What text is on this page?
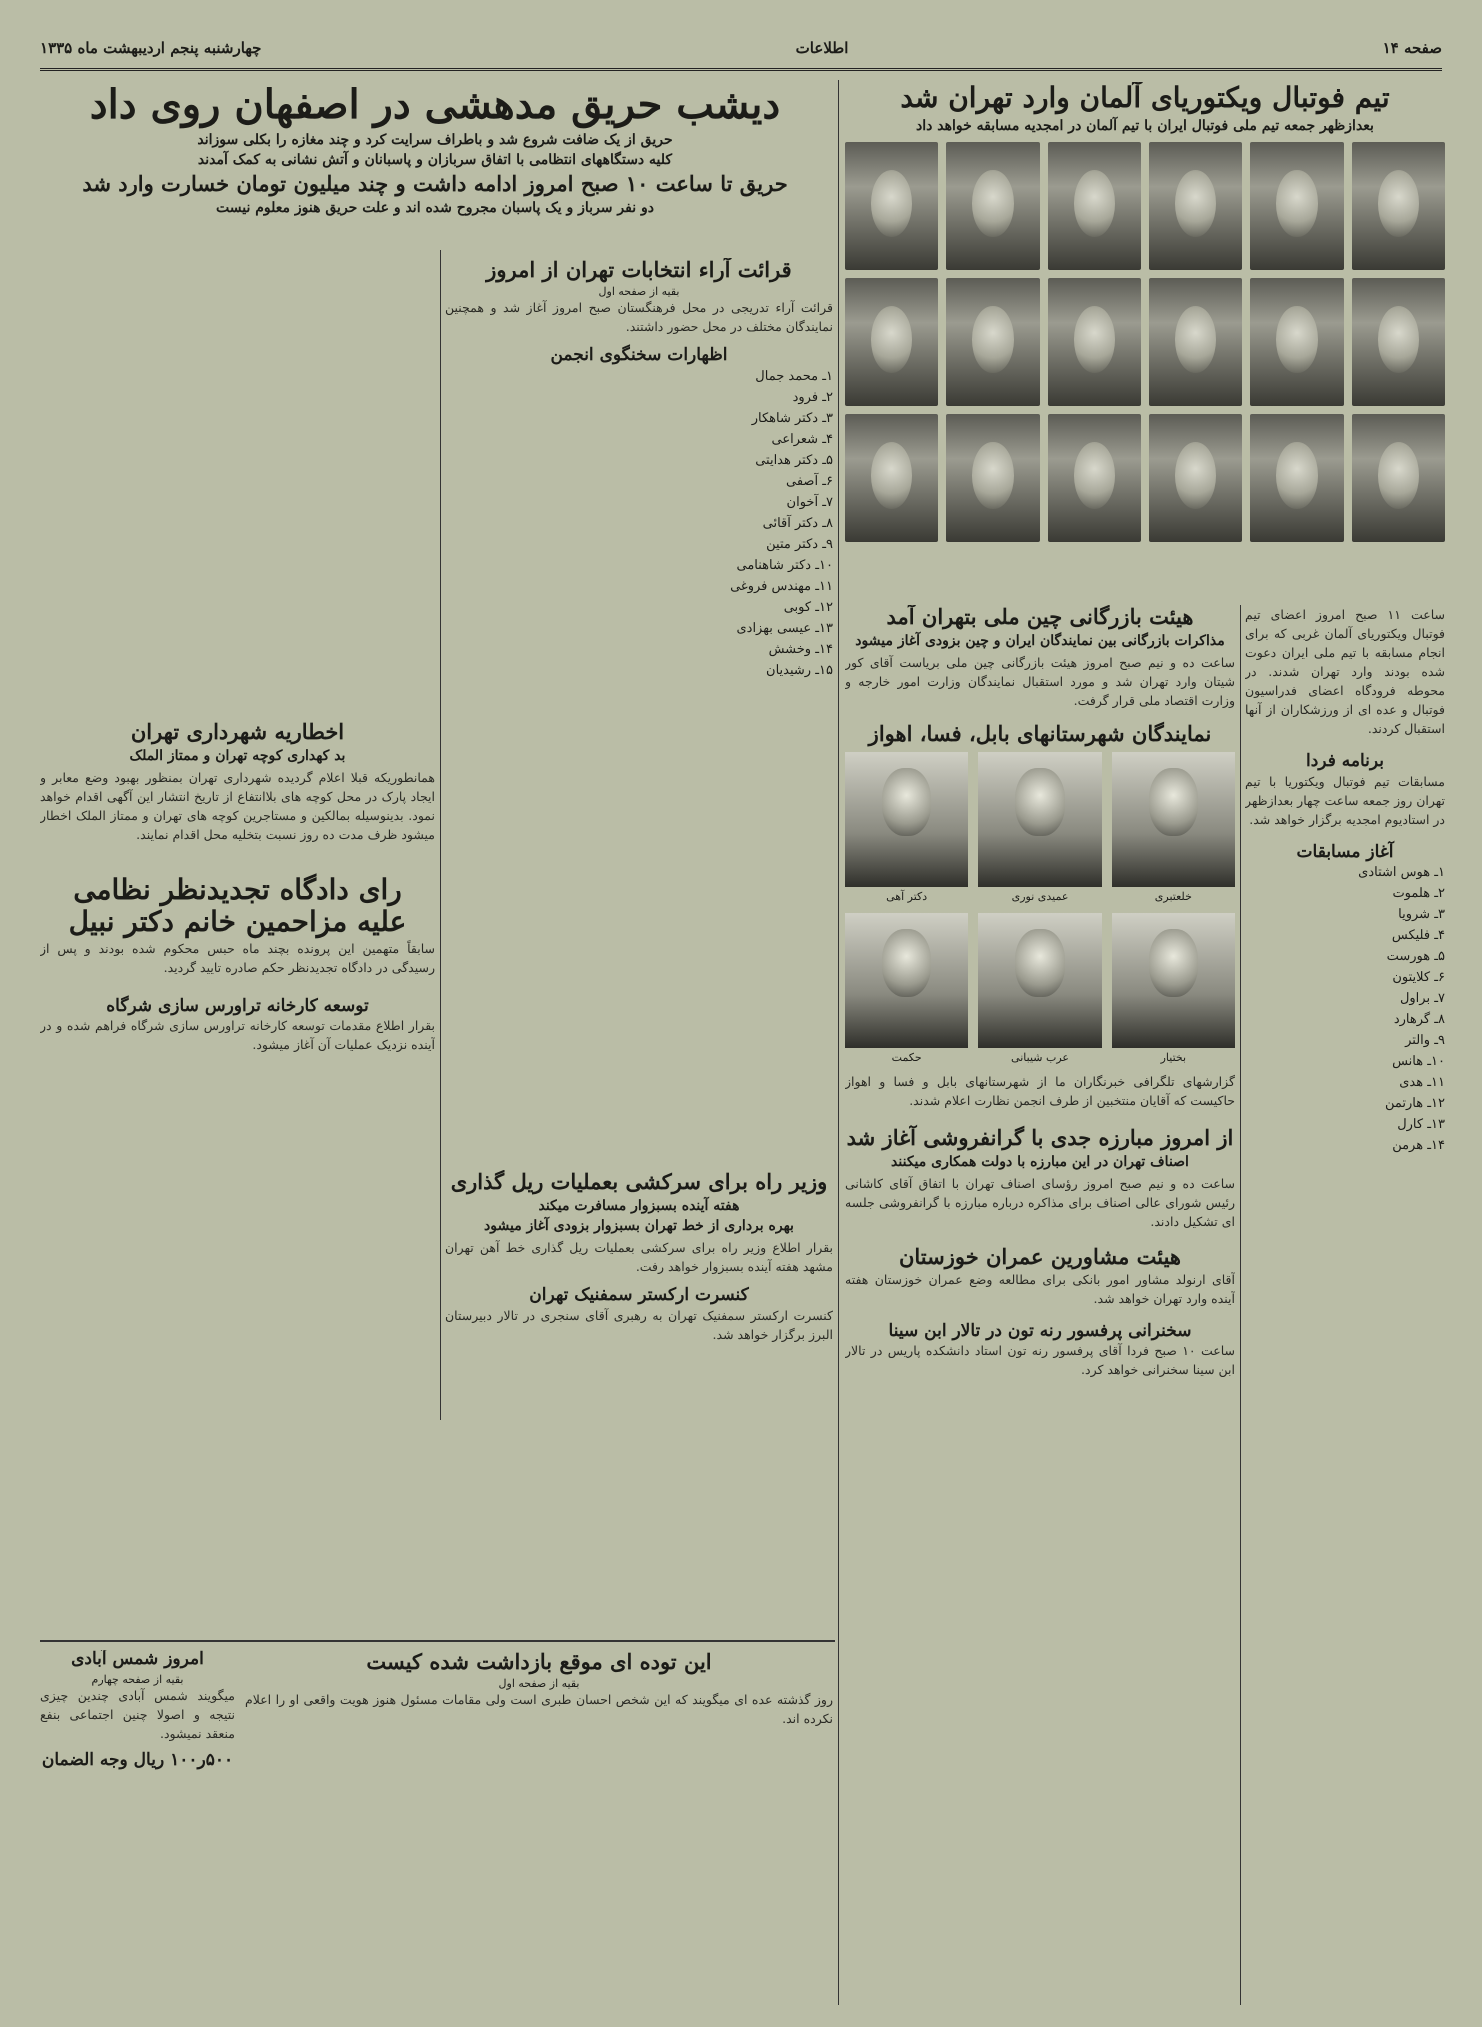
صفحه ۱۴
اطلاعات
چهارشنبه پنجم اردیبهشت ماه ۱۳۳۵
تیم فوتبال ویکتوریای آلمان وارد تهران شد
بعدازظهر جمعه تیم ملی فوتبال ایران با تیم آلمان در امجدیه مسابقه خواهد داد
ساعت ۱۱ صبح امروز اعضای تیم فوتبال ویکتوریای آلمان غربی که برای انجام مسابقه با تیم ملی ایران دعوت شده بودند وارد تهران شدند. در محوطه فرودگاه اعضای فدراسیون فوتبال و عده ای از ورزشکاران از آنها استقبال کردند.
برنامه فردا
مسابقات تیم فوتبال ویکتوریا با تیم تهران روز جمعه ساعت چهار بعدازظهر در استادیوم امجدیه برگزار خواهد شد.
آغاز مسابقات
۱ـ هوس اشتادی
۲ـ هلموت
۳ـ شرویا
۴ـ فلیکس
۵ـ هورست
۶ـ کلایتون
۷ـ براول
۸ـ گرهارد
۹ـ والتر
۱۰ـ هانس
۱۱ـ هدی
۱۲ـ هارتمن
۱۳ـ کارل
۱۴ـ هرمن
هیئت بازرگانی چین ملی بتهران آمد
مذاکرات بازرگانی بین نمایندگان ایران و چین بزودی آغاز میشود
ساعت ده و نیم صبح امروز هیئت بازرگانی چین ملی بریاست آقای کور شیتان وارد تهران شد و مورد استقبال نمایندگان وزارت امور خارجه و وزارت اقتصاد ملی قرار گرفت.
نمایندگان شهرستانهای بابل، فسا، اهواز
خلعتبری
عمیدی نوری
دکتر آهی
بختیار
عرب شیبانی
حکمت
گزارشهای تلگرافی خبرنگاران ما از شهرستانهای بابل و فسا و اهواز حاکیست که آقایان منتخبین از طرف انجمن نظارت اعلام شدند.
از امروز مبارزه جدی با گرانفروشی آغاز شد
اصناف تهران در این مبارزه با دولت همکاری میکنند
ساعت ده و نیم صبح امروز رؤسای اصناف تهران با اتفاق آقای کاشانی رئیس شورای عالی اصناف برای مذاکره درباره مبارزه با گرانفروشی جلسه ای تشکیل دادند.
هیئت مشاورین عمران خوزستان
آقای ارنولد مشاور امور بانکی برای مطالعه وضع عمران خوزستان هفته آینده وارد تهران خواهد شد.
سخنرانی پرفسور رنه تون در تالار ابن سینا
ساعت ۱۰ صبح فردا آقای پرفسور رنه تون استاد دانشکده پاریس در تالار ابن سینا سخنرانی خواهد کرد.
دیشب حریق مدهشی در اصفهان روی داد
حریق از یک ضافت شروع شد و باطراف سرایت کرد و چند مغازه را بکلی سوزاند
کلیه دستگاههای انتظامی با اتفاق سربازان و پاسبانان و آتش نشانی به کمک آمدند
حریق تا ساعت ۱۰ صبح امروز ادامه داشت و چند میلیون تومان خسارت وارد شد
دو نفر سرباز و یک پاسبان مجروح شده اند و علت حریق هنوز معلوم نیست
قرائت آراء انتخابات تهران از امروز
بقیه از صفحه اول
قرائت آراء تدریجی در محل فرهنگستان صبح امروز آغاز شد و همچنین نمایندگان مختلف در محل حضور داشتند.
اظهارات سخنگوی انجمن
۱ـ محمد جمال
۲ـ فرود
۳ـ دکتر شاهکار
۴ـ شعراعی
۵ـ دکتر هدایتی
۶ـ آصفی
۷ـ آخوان
۸ـ دکتر آقائی
۹ـ دکتر متین
۱۰ـ دکتر شاهنامی
۱۱ـ مهندس فروغی
۱۲ـ کوبی
۱۳ـ عیسی بهزادی
۱۴ـ وخشش
۱۵ـ رشیدیان
اخطاریه شهرداری تهران
بد کهداری کوچه تهران و ممتاز الملک
همانطوریکه قبلا اعلام گردیده شهرداری تهران بمنظور بهبود وضع معابر و ایجاد پارک در محل کوچه های بلاانتفاع از تاریخ انتشار این آگهی اقدام خواهد نمود. بدینوسیله بمالکین و مستاجرین کوچه های تهران و ممتاز الملک اخطار میشود ظرف مدت ده روز نسبت بتخلیه محل اقدام نمایند.
رای دادگاه تجدیدنظر نظامی
علیه مزاحمین خانم دکتر نبیل
سابقاً متهمین این پرونده بچند ماه حبس محکوم شده بودند و پس از رسیدگی در دادگاه تجدیدنظر حکم صادره تایید گردید.
توسعه کارخانه تراورس سازی شرگاه
بقرار اطلاع مقدمات توسعه کارخانه تراورس سازی شرگاه فراهم شده و در آینده نزدیک عملیات آن آغاز میشود.
وزیر راه برای سرکشی بعملیات ریل گذاری
هفته آینده بسبزوار مسافرت میکند
بهره برداری از خط تهران بسبزوار بزودی آغاز میشود
بقرار اطلاع وزیر راه برای سرکشی بعملیات ریل گذاری خط آهن تهران مشهد هفته آینده بسبزوار خواهد رفت.
کنسرت ارکستر سمفنیک تهران
کنسرت ارکستر سمفنیک تهران به رهبری آقای سنجری در تالار دبیرستان البرز برگزار خواهد شد.
این توده ای موقع بازداشت شده کیست
بقیه از صفحه اول
روز گذشته عده ای میگویند که این شخص احسان طبری است ولی مقامات مسئول هنوز هویت واقعی او را اعلام نکرده اند.
امروز شمس آبادی
بقیه از صفحه چهارم
میگویند شمس آبادی چندین چیزی نتیجه و اصولا چنین اجتماعی بنفع منعقد نمیشود.
۵۰۰ر۱۰۰ ریال وجه الضمان
